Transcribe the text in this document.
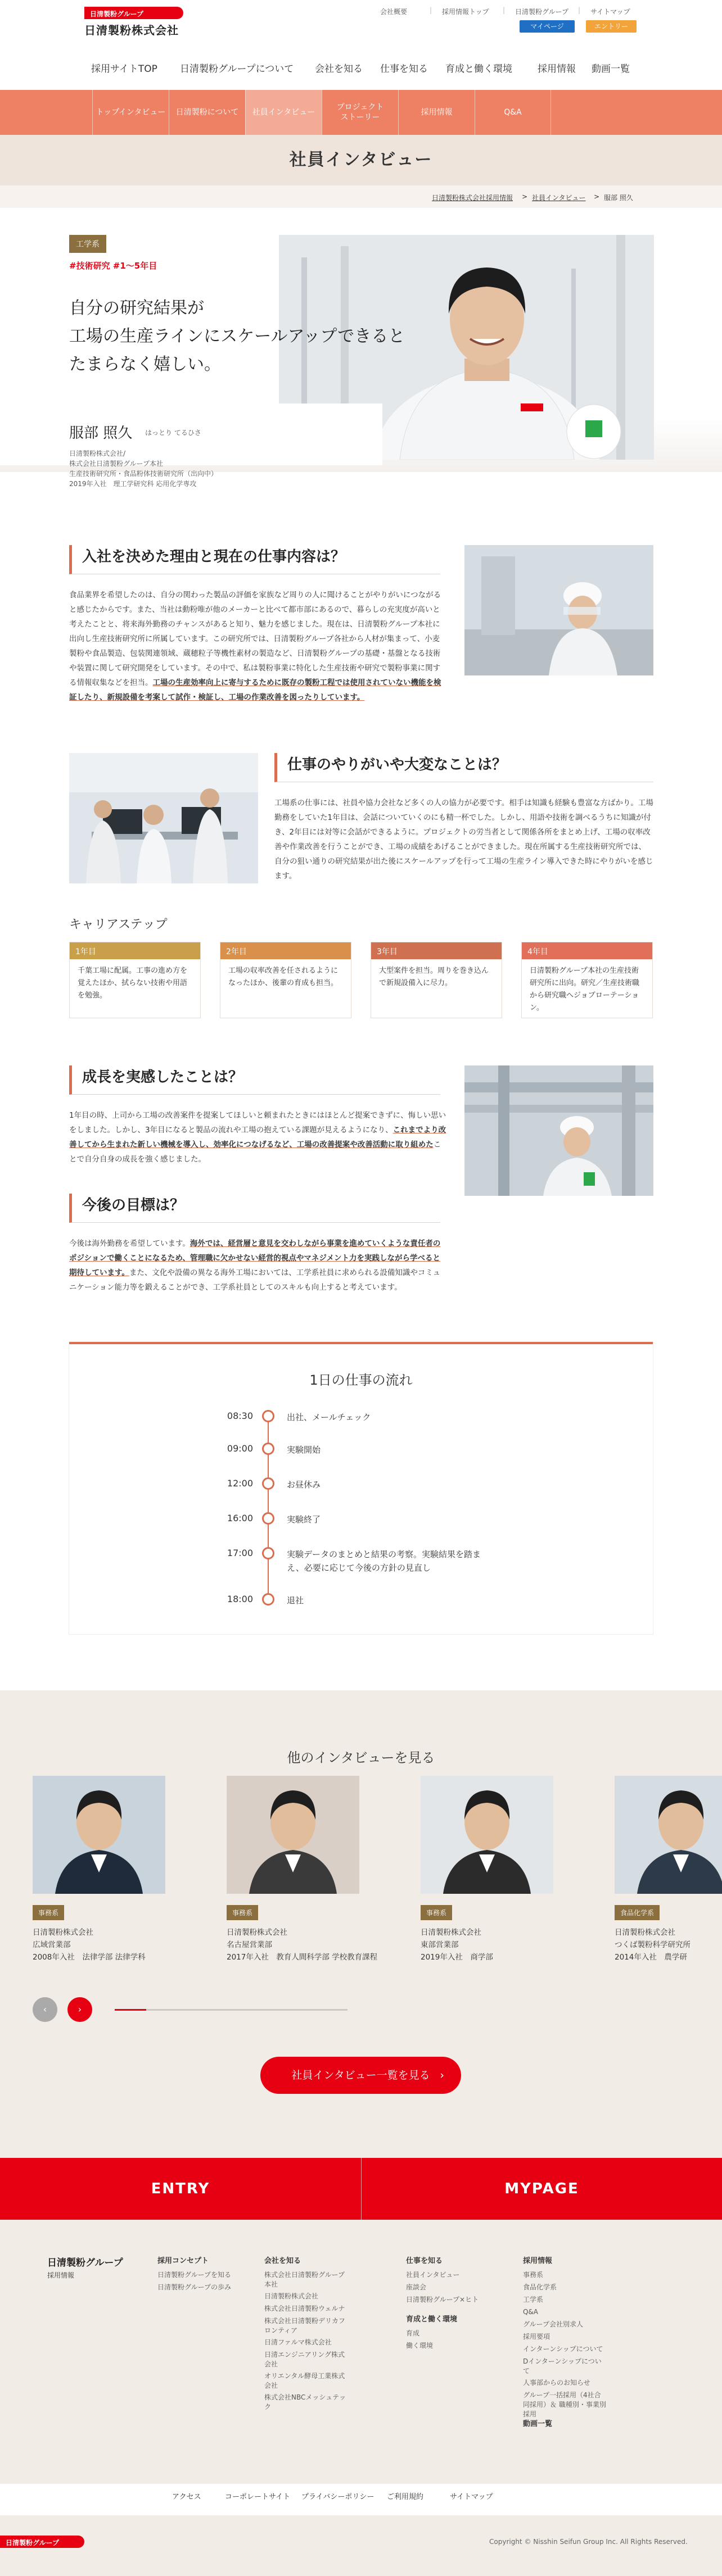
日清製粉グループ
日清製粉株式会社
会社概要	| 採用情報トップ | 日清製粉グループ | サイトマップ
マイページ	エントリー
採用サイトTOP 日清製粉グループについて 会社を知る 仕事を知る 育成と働く環境	採用情報 動画一覧
トップインタビュー	日清製粉について	社員インタビュー
プロジェクト
ストーリー
採用情報	Q&A
社員インタビュー
日清製粉株式会社採用情報 > 社員インタビュー > 服部 照久
工学系
#技術研究 #1〜5年目
自分の研究結果が
工場の生産ラインにスケールアップできると
たまらなく嬉しい。
服部 照久 はっとり てるひさ
日清製粉株式会社/
株式会社日清製粉グループ本社
生産技術研究所・食品粉体技術研究所（出向中）
2019年入社　理工学研究科 応用化学専攻
入社を決めた理由と現在の仕事内容は？
食品業界を希望したのは、自分の関わった製品の評価を家族など周りの人に聞けることがやりがいにつながると感じたからです。また、当社は動粉唯が他のメーカーと比べて都市部にあるので、暮らしの充実度が高いと考えたことと、将来海外勤務のチャンスがあると知り、魅力を感じました。現在は、日清製粉グループ本社に出向し生産技術研究所に所属しています。この研究所では、日清製粉グループ各社から人材が集まって、小麦製粉や食品製造、包装関連領域、蔵穂粒子等機性素材の製造など、日清製粉グループの基礎・基盤となる技術や装置に関して研究開発をしています。その中で、私は製粉事業に特化した生産技術や研究で製粉事業に関する情報収集などを担当。工場の生産効率向上に寄与するために既存の製粉工程では使用されていない機能を検証したり、新規設備を考案して試作・検証し、工場の作業改善を図ったりしています。
仕事のやりがいや大変なことは？
工場系の仕事には、社員や協力会社など多くの人の協力が必要です。相手は知識も経験も豊富な方ばかり。工場勤務をしていた1年目は、会話についていくのにも精一杯でした。しかし、用語や技術を調べるうちに知識が付き、2年目には対等に会話ができるように。プロジェクトの労当者として関係各所をまとめ上げ、工場の収率改善や作業改善を行うことができ、工場の成績をあげることができました。現在所属する生産技術研究所では、自分の狙い通りの研究結果が出た後にスケールアップを行って工場の生産ライン導入できた時にやりがいを感じます。
キャリアステップ
1年目
千葉工場に配属。工事の進め方を覚えたほか、拭らない技術や用語を勉強。
2年目
工場の収率改善を任されるようになったほか、後輩の育成も担当。
3年目
大型案件を担当。周りを巻き込んで新規設備入に尽力。
4年目
日清製粉グループ本社の生産技術研究所に出向。研究／生産技術職から研究職へジョブローテーション。
成長を実感したことは？
1年目の時、上司から工場の改善案件を提案してほしいと頼まれたときにはほとんど提案できずに、悔しい思いをしました。しかし、3年目になると製品の流れや工場の抱えている課題が見えるようになり、これまでより改善してから生まれた新しい機械を導入し、効率化につなげるなど、工場の改善提案や改善活動に取り組めたことで自分自身の成長を強く感じました。
今後の目標は？
今後は海外勤務を希望しています。海外では、経営層と意見を交わしながら事業を進めていくような責任者のポジションで働くことになるため、管理職に欠かせない経営的視点やマネジメント力を実践しながら学べると期待しています。また、文化や設備の異なる海外工場においては、工学系社員に求められる設備知識やコミュニケーション能力等を鍛えることができ、工学系社員としてのスキルも向上すると考えています。
1日の仕事の流れ
08:30	出社、メールチェック
09:00	実験開始
12:00	お昼休み
16:00	実験終了
17:00	実験データのまとめと結果の考察。実験結果を踏まえ、必要に応じて今後の方針の見直し
18:00	退社
他のインタビューを見る
事務系
日清製粉株式会社
広域営業部
2008年入社　法律学部 法律学科
事務系
日清製粉株式会社
名古屋営業部
2017年入社　教育人間科学部 学校教育課程
事務系
日清製粉株式会社
東部営業部
2019年入社　商学部
食品化学系
日清製粉株式会社
つくば製粉科学研究所
2014年入社　農学研
‹	›
社員インタビュー一覧を見る ›
ENTRY	MYPAGE
日清製粉グループ
採用情報
採用コンセプト
日清製粉グループを知る
日清製粉グループの歩み
会社を知る
株式会社日清製粉グループ本社
日清製粉株式会社
株式会社日清製粉ウェルナ
株式会社日清製粉デリカフロンティア
日清ファルマ株式会社
日清エンジニアリング株式会社
オリエンタル酵母工業株式会社
株式会社NBCメッシュテック
仕事を知る
社員インタビュー
座談会
日清製粉グループ×ヒト
育成と働く環境
育成
働く環境
採用情報
事務系
食品化学系
工学系
Q&A
グループ会社別求人
採用要項
インターンシップについて
Dインターンシップについて
人事部からのお知らせ
グループ一括採用（4社合同採用）＆ 職種別・事業別採用
動画一覧
アクセス	コーポレートサイト プライバシーポリシー ご利用規約	サイトマップ
日清製粉グループ	Copyright © Nisshin Seifun Group Inc. All Rights Reserved.
